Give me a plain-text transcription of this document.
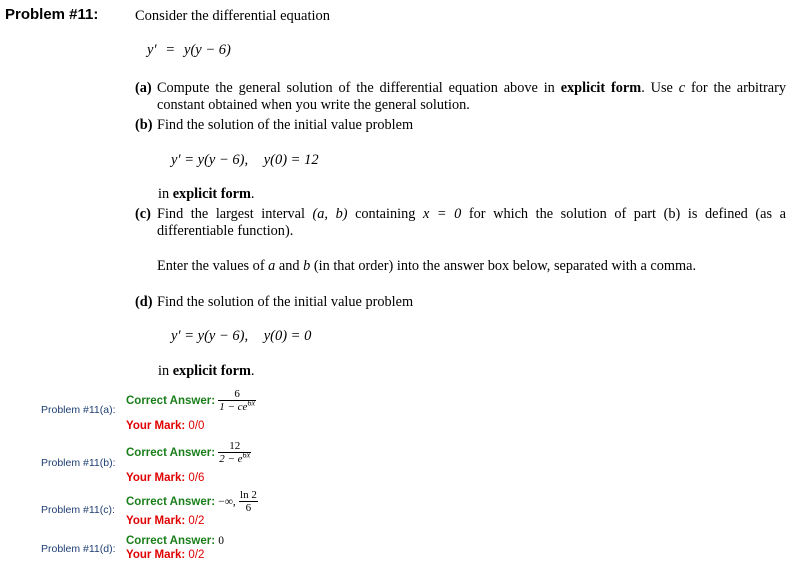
Problem #11:	Consider the differential equation
y′ = y(y − 6)
(a) Compute the general solution of the differential equation above in explicit form. Use c for the arbitrary constant obtained when you write the general solution.
(b) Find the solution of the initial value problem
y′ = y(y − 6), y(0) = 12
in explicit form.
(c) Find the largest interval (a, b) containing x = 0 for which the solution of part (b) is defined (as a differentiable function).
Enter the values of a and b (in that order) into the answer box below, separated with a comma.
(d) Find the solution of the initial value problem
y′ = y(y − 6), y(0) = 0
in explicit form.
Problem #11(a):
Correct Answer: $\frac{6}{1 - ce^{6x}}$
Your Mark: 0/0
Problem #11(b):
Correct Answer: $\frac{12}{2 - e^{6x}}$
Your Mark: 0/6
Problem #11(c):
Correct Answer: −∞, $\frac{\ln 2}{6}$
Your Mark: 0/2
Problem #11(d):
Correct Answer: 0
Your Mark: 0/2
